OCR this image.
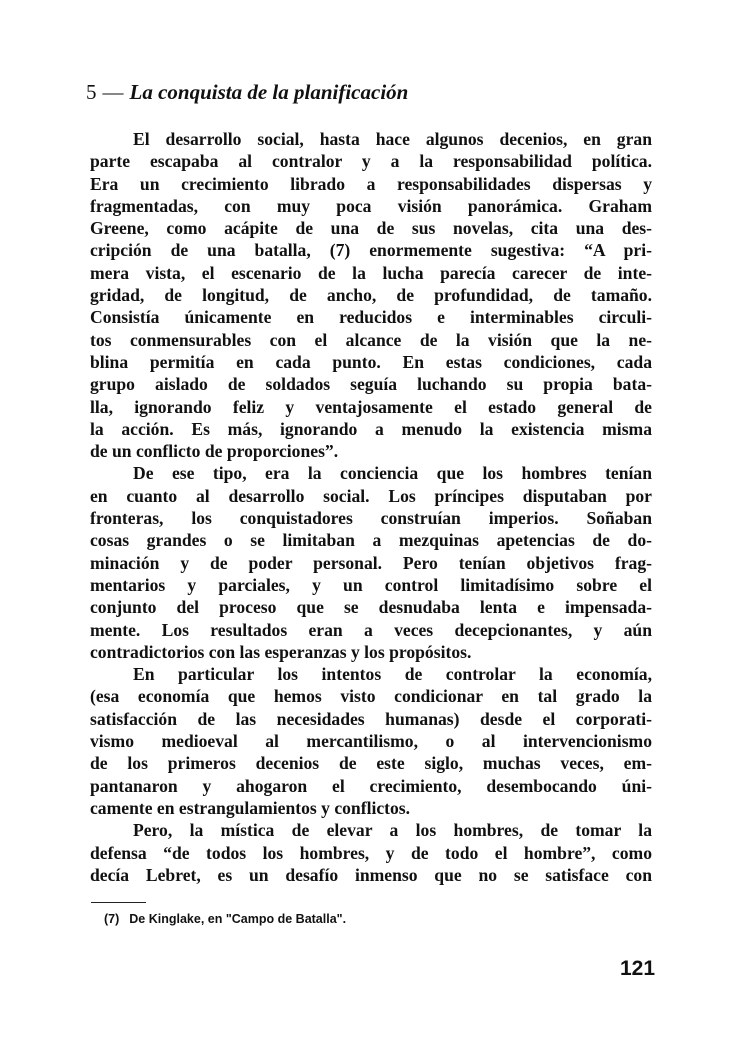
5 — La conquista de la planificación
El desarrollo social, hasta hace algunos decenios, en gran
parte escapaba al contralor y a la responsabilidad política.
Era un crecimiento librado a responsabilidades dispersas y
fragmentadas, con muy poca visión panorámica. Graham
Greene, como acápite de una de sus novelas, cita una des-
cripción de una batalla, (7) enormemente sugestiva: “A pri-
mera vista, el escenario de la lucha parecía carecer de inte-
gridad, de longitud, de ancho, de profundidad, de tamaño.
Consistía únicamente en reducidos e interminables circuli-
tos conmensurables con el alcance de la visión que la ne-
blina permitía en cada punto. En estas condiciones, cada
grupo aislado de soldados seguía luchando su propia bata-
lla, ignorando feliz y ventajosamente el estado general de
la acción. Es más, ignorando a menudo la existencia misma
de un conflicto de proporciones”.
De ese tipo, era la conciencia que los hombres tenían
en cuanto al desarrollo social. Los príncipes disputaban por
fronteras, los conquistadores construían imperios. Soñaban
cosas grandes o se limitaban a mezquinas apetencias de do-
minación y de poder personal. Pero tenían objetivos frag-
mentarios y parciales, y un control limitadísimo sobre el
conjunto del proceso que se desnudaba lenta e impensada-
mente. Los resultados eran a veces decepcionantes, y aún
contradictorios con las esperanzas y los propósitos.
En particular los intentos de controlar la economía,
(esa economía que hemos visto condicionar en tal grado la
satisfacción de las necesidades humanas) desde el corporati-
vismo medioeval al mercantilismo, o al intervencionismo
de los primeros decenios de este siglo, muchas veces, em-
pantanaron y ahogaron el crecimiento, desembocando úni-
camente en estrangulamientos y conflictos.
Pero, la mística de elevar a los hombres, de tomar la
defensa “de todos los hombres, y de todo el hombre”, como
decía Lebret, es un desafío inmenso que no se satisface con
(7) De Kinglake, en "Campo de Batalla".
121
